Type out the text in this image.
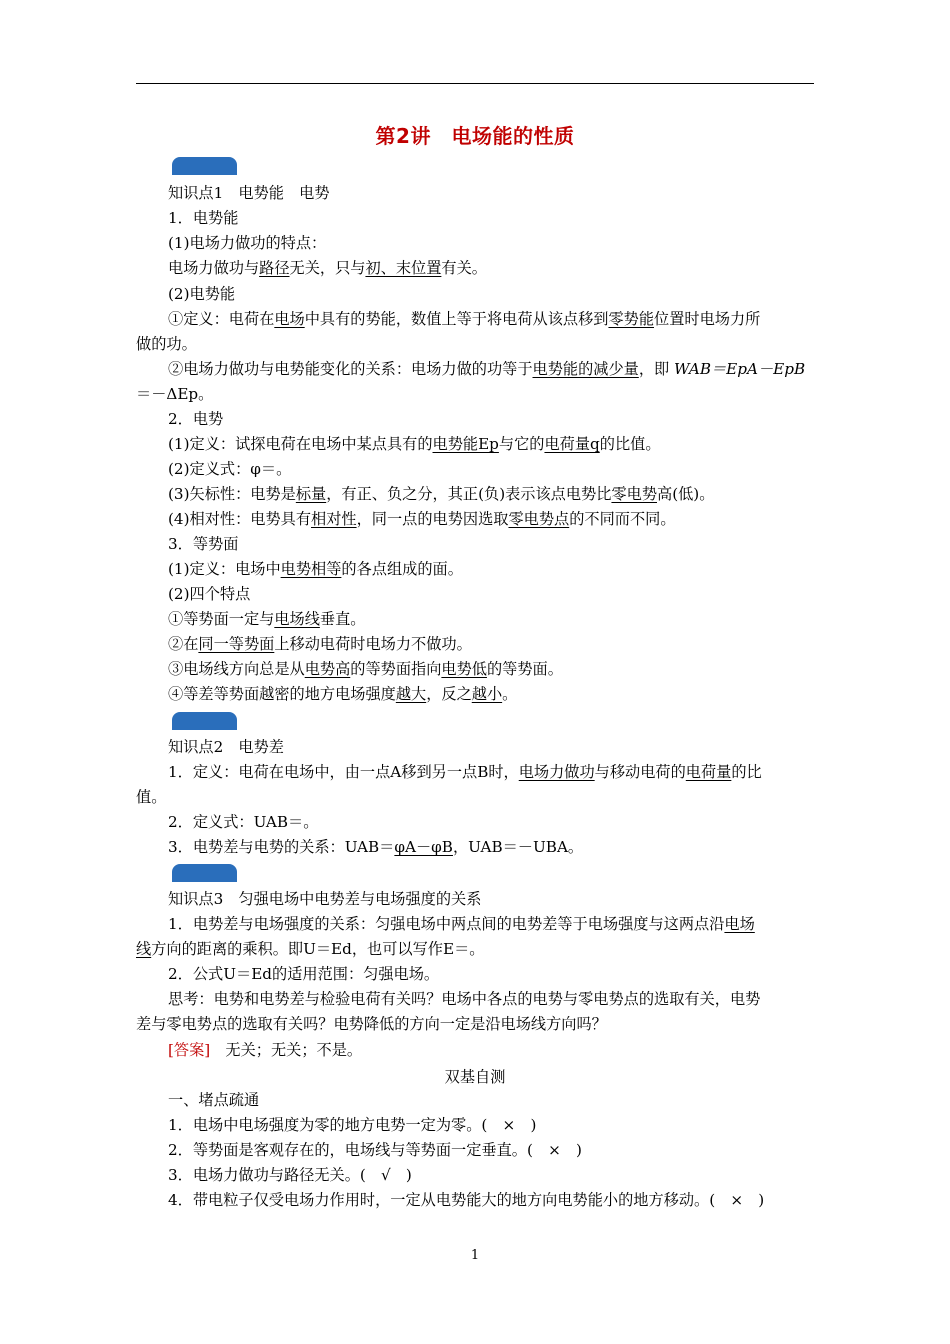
第2讲　电场能的性质
知识点1　电势能　电势
1．电势能
(1)电场力做功的特点：
电场力做功与路径无关，只与初、末位置有关。
(2)电势能
①定义：电荷在电场中具有的势能，数值上等于将电荷从该点移到零势能位置时电场力所
做的功。
②电场力做功与电势能变化的关系：电场力做的功等于电势能的减少量，即 WAB＝EpA－EpB
＝－ΔEp。
2．电势
(1)定义：试探电荷在电场中某点具有的电势能Ep与它的电荷量q的比值。
(2)定义式：φ＝。
(3)矢标性：电势是标量，有正、负之分，其正(负)表示该点电势比零电势高(低)。
(4)相对性：电势具有相对性，同一点的电势因选取零电势点的不同而不同。
3．等势面
(1)定义：电场中电势相等的各点组成的面。
(2)四个特点
①等势面一定与电场线垂直。
②在同一等势面上移动电荷时电场力不做功。
③电场线方向总是从电势高的等势面指向电势低的等势面。
④等差等势面越密的地方电场强度越大，反之越小。
知识点2　电势差
1．定义：电荷在电场中，由一点A移到另一点B时，电场力做功与移动电荷的电荷量的比
值。
2．定义式：UAB＝。
3．电势差与电势的关系：UAB＝φA－φB，UAB＝－UBA。
知识点3　匀强电场中电势差与电场强度的关系
1．电势差与电场强度的关系：匀强电场中两点间的电势差等于电场强度与这两点沿电场
线方向的距离的乘积。即U＝Ed，也可以写作E＝。
2．公式U＝Ed的适用范围：匀强电场。
思考：电势和电势差与检验电荷有关吗？电场中各点的电势与零电势点的选取有关，电势
差与零电势点的选取有关吗？电势降低的方向一定是沿电场线方向吗？
[答案]　 无关；无关；不是。
双基自测
一、堵点疏通
1．电场中电场强度为零的地方电势一定为零。(　×　)
2．等势面是客观存在的，电场线与等势面一定垂直。(　×　)
3．电场力做功与路径无关。(　√　)
4．带电粒子仅受电场力作用时，一定从电势能大的地方向电势能小的地方移动。(　×　)
1
